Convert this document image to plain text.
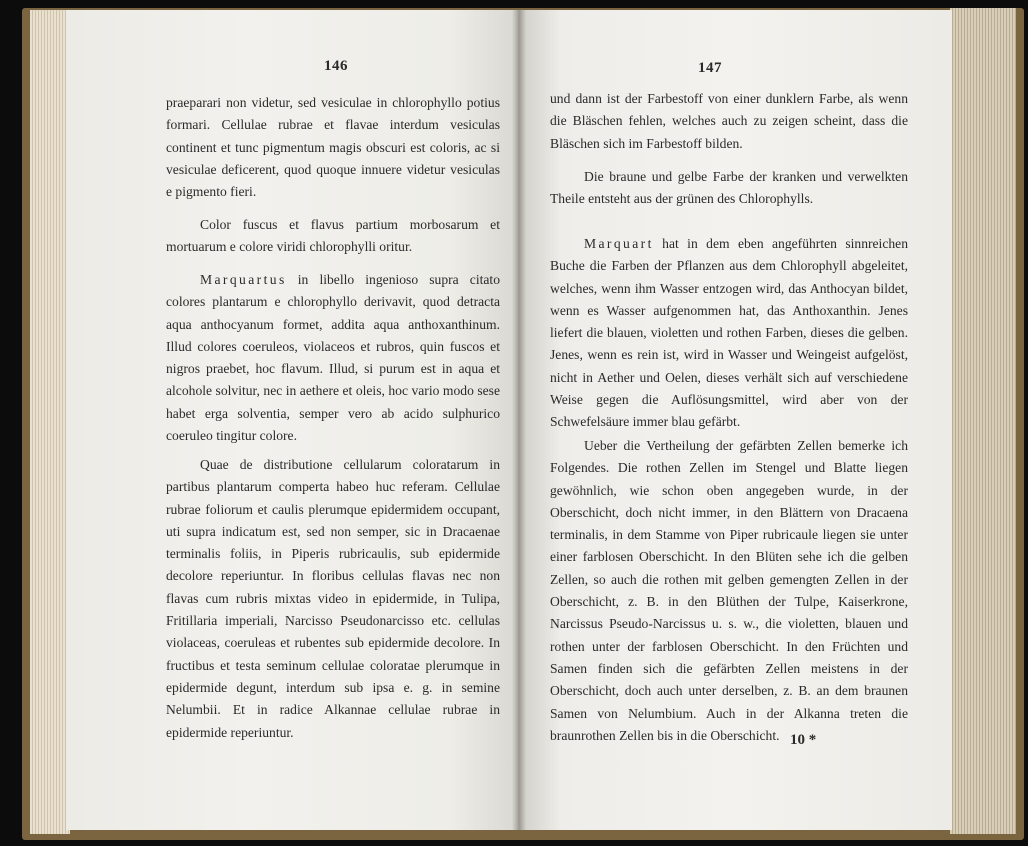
146

praeparari non videtur, sed vesiculae in chlorophyllo potius formari. Cellulae rubrae et flavae interdum vesiculas continent et tunc pigmentum magis obscuri est coloris, ac si vesiculae deficerent, quod quoque innuere videtur vesiculas e pigmento fieri.

Color fuscus et flavus partium morbosarum et mortuarum e colore viridi chlorophylli oritur.

Marquartus in libello ingenioso supra citato colores plantarum e chlorophyllo derivavit, quod detracta aqua anthocyanum formet, addita aqua anthoxanthinum. Illud colores coeruleos, violaceos et rubros, quin fuscos et nigros praebet, hoc flavum. Illud, si purum est in aqua et alcohole solvitur, nec in aethere et oleis, hoc vario modo sese habet erga solventia, semper vero ab acido sulphurico coeruleo tingitur colore.

Quae de distributione cellularum coloratarum in partibus plantarum comperta habeo huc referam. Cellulae rubrae foliorum et caulis plerumque epidermidem occupant, uti supra indicatum est, sed non semper, sic in Dracaenae terminalis foliis, in Piperis rubricaulis, sub epidermide decolore reperiuntur. In floribus cellulas flavas nec non flavas cum rubris mixtas video in epidermide, in Tulipa, Fritillaria imperiali, Narcisso Pseudonarcisso etc. cellulas violaceas, coeruleas et rubentes sub epidermide decolore. In fructibus et testa seminum cellulae coloratae plerumque in epidermide degunt, interdum sub ipsa e. g. in semine Nelumbii. Et in radice Alkannae cellulae rubrae in epidermide reperiuntur.

147

und dann ist der Farbestoff von einer dunklern Farbe, als wenn die Bläschen fehlen, welches auch zu zeigen scheint, dass die Bläschen sich im Farbestoff bilden.

Die braune und gelbe Farbe der kranken und verwelkten Theile entsteht aus der grünen des Chlorophylls.

Marquart hat in dem eben angeführten sinnreichen Buche die Farben der Pflanzen aus dem Chlorophyll abgeleitet, welches, wenn ihm Wasser entzogen wird, das Anthocyan bildet, wenn es Wasser aufgenommen hat, das Anthoxanthin. Jenes liefert die blauen, violetten und rothen Farben, dieses die gelben. Jenes, wenn es rein ist, wird in Wasser und Weingeist aufgelöst, nicht in Aether und Oelen, dieses verhält sich auf verschiedene Weise gegen die Auflösungsmittel, wird aber von der Schwefelsäure immer blau gefärbt.

Ueber die Vertheilung der gefärbten Zellen bemerke ich Folgendes. Die rothen Zellen im Stengel und Blatte liegen gewöhnlich, wie schon oben angegeben wurde, in der Oberschicht, doch nicht immer, in den Blättern von Dracaena terminalis, in dem Stamme von Piper rubricaule liegen sie unter einer farblosen Oberschicht. In den Blüten sehe ich die gelben Zellen, so auch die rothen mit gelben gemengten Zellen in der Oberschicht, z. B. in den Blüthen der Tulpe, Kaiserkrone, Narcissus Pseudo-Narcissus u. s. w., die violetten, blauen und rothen unter der farblosen Oberschicht. In den Früchten und Samen finden sich die gefärbten Zellen meistens in der Oberschicht, doch auch unter derselben, z. B. an dem braunen Samen von Nelumbium. Auch in der Alkanna treten die braunrothen Zellen bis in die Oberschicht. 10 *
